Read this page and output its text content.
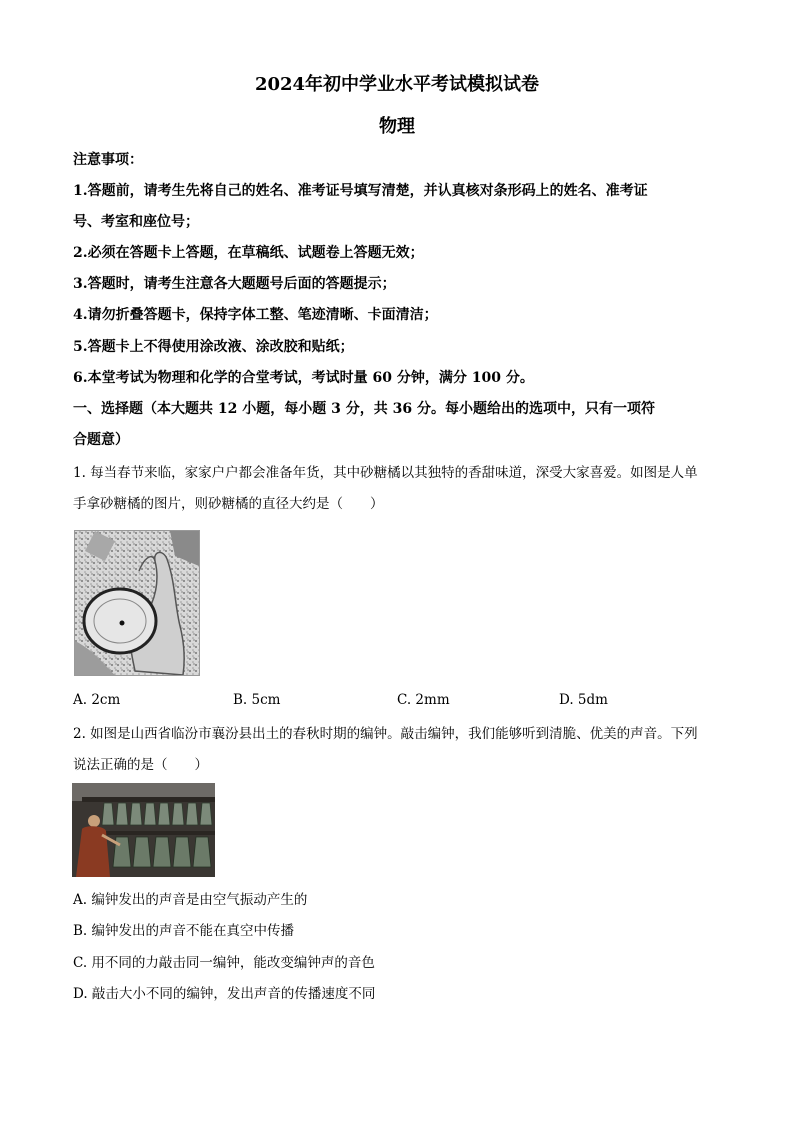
2024年初中学业水平考试模拟试卷
物理
注意事项：
1.答题前，请考生先将自己的姓名、准考证号填写清楚，并认真核对条形码上的姓名、准考证
号、考室和座位号；
2.必须在答题卡上答题，在草稿纸、试题卷上答题无效；
3.答题时，请考生注意各大题题号后面的答题提示；
4.请勿折叠答题卡，保持字体工整、笔迹清晰、卡面清洁；
5.答题卡上不得使用涂改液、涂改胶和贴纸；
6.本堂考试为物理和化学的合堂考试，考试时量 60 分钟，满分 100 分。
一、选择题（本大题共 12 小题，每小题 3 分，共 36 分。每小题给出的选项中，只有一项符
合题意）
1. 每当春节来临，家家户户都会准备年货，其中砂糖橘以其独特的香甜味道，深受大家喜爱。如图是人单
手拿砂糖橘的图片，则砂糖橘的直径大约是（　　）
A. 2cm	B. 5cm	C. 2mm	D. 5dm
2. 如图是山西省临汾市襄汾县出土的春秋时期的编钟。敲击编钟，我们能够听到清脆、优美的声音。下列
说法正确的是（　　）
A. 编钟发出的声音是由空气振动产生的
B. 编钟发出的声音不能在真空中传播
C. 用不同的力敲击同一编钟，能改变编钟声的音色
D. 敲击大小不同的编钟，发出声音的传播速度不同
